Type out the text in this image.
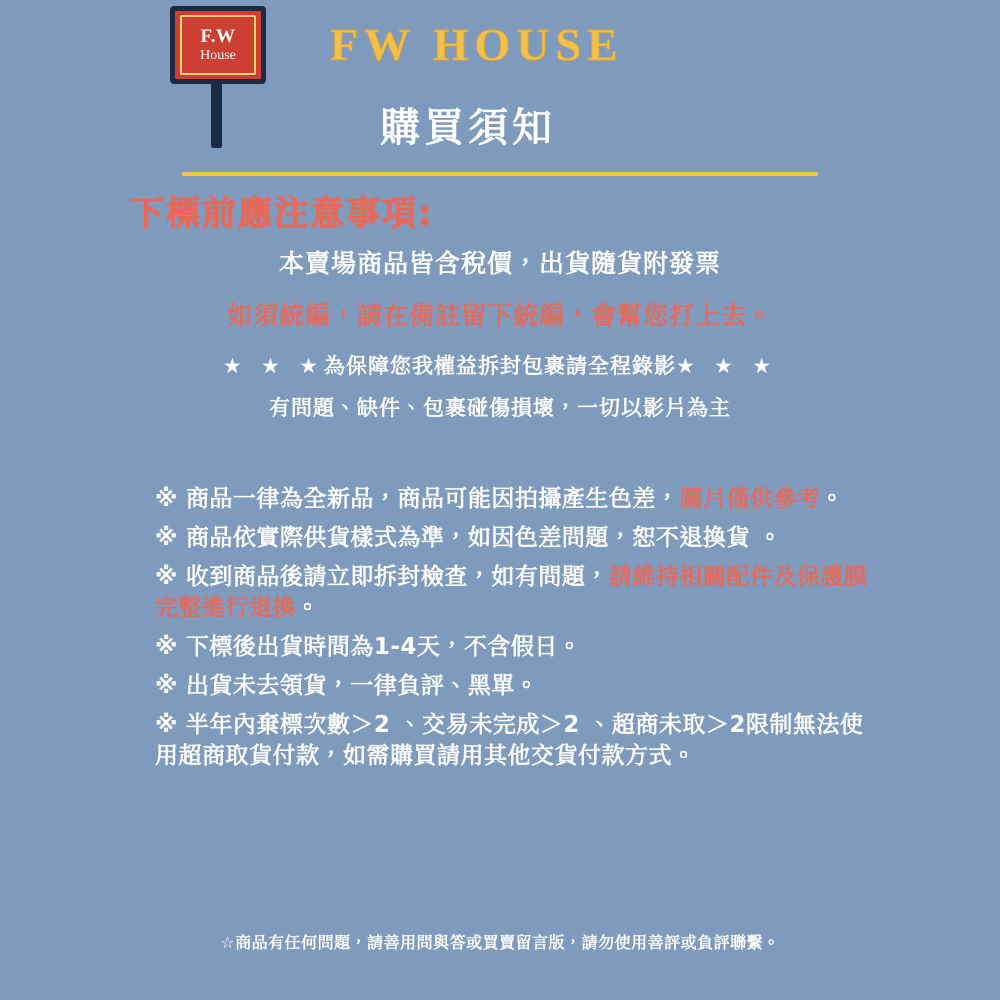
F.W
House FW HOUSE
購買須知
下標前應注意事項:
本賣場商品皆含稅價，出貨隨貨附發票
如須統編，請在備註留下統編，會幫您打上去。
★ ★ ★為保障您我權益拆封包裹請全程錄影★ ★ ★
有問題、缺件、包裹碰傷損壞，一切以影片為主
※ 商品一律為全新品，商品可能因拍攝產生色差，圖片僅供參考。
※ 商品依實際供貨樣式為準，如因色差問題，恕不退換貨 。
※ 收到商品後請立即拆封檢查，如有問題，請維持相關配件及保護膜完整進行退換。
※ 下標後出貨時間為1-4天，不含假日。
※ 出貨未去領貨，一律負評、黑單。
※ 半年內棄標次數＞2 、交易未完成＞2 、超商未取＞2限制無法使用超商取貨付款，如需購買請用其他交貨付款方式。
☆商品有任何問題，請善用問與答或買賣留言版，請勿使用善評或負評聯繫。
